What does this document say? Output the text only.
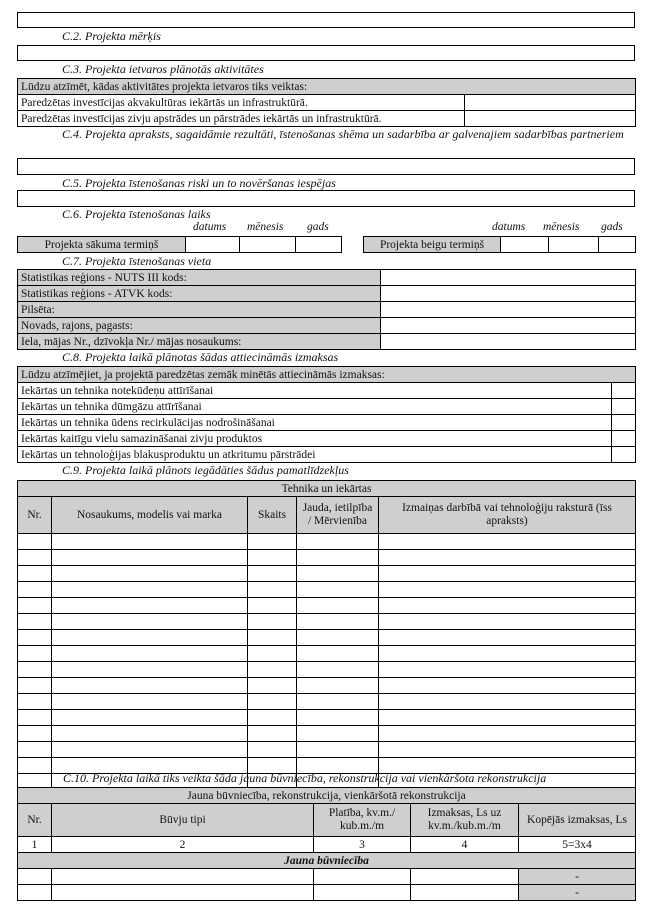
C.2. Projekta mērķis
C.3. Projekta ietvaros plānotās aktivitātes
Lūdzu atzīmēt, kādas aktivitātes projekta ietvaros tiks veiktas:	
Paredzētas investīcijas akvakultūras iekārtās un infrastruktūrā.	
Paredzētas investīcijas zivju apstrādes un pārstrādes iekārtās un infrastruktūrā.	
C.4. Projekta apraksts, sagaidāmie rezultāti, īstenošanas shēma un sadarbība ar galvenajiem sadarbības partneriem
C.5. Projekta īstenošanas riski un to novēršanas iespējas
C.6. Projekta īstenošanas laiks
datums mēnesis gads	datums mēnesis gads
Projekta sākuma termiņš					Projekta beigu termiņš			
C.7. Projekta īstenošanas vieta
Statistikas reģions - NUTS III kods:	
Statistikas reģions - ATVK kods:	
Pilsēta:	
Novads, rajons, pagasts:	
Iela, mājas Nr., dzīvokļa Nr./ mājas nosaukums:	
C.8. Projekta laikā plānotas šādas attiecināmās izmaksas
Lūdzu atzīmējiet, ja projektā paredzētas zemāk minētās attiecināmās izmaksas:	
Iekārtas un tehnika notekūdeņu attīrīšanai	
Iekārtas un tehnika dūmgāzu attīrīšanai	
Iekārtas un tehnika ūdens recirkulācijas nodrošināšanai	
Iekārtas kaitīgu vielu samazināšanai zivju produktos	
Iekārtas un tehnoloģijas blakusproduktu un atkritumu pārstrādei	
C.9. Projekta laikā plānots iegādāties šādus pamatlīdzekļus
Tehnika un iekārtas				
Nr.	Nosaukums, modelis vai marka	Skaits	Jauda, ietilpība / Mērvienība	Izmaiņas darbībā vai tehnoloģiju raksturā (īss apraksts)

C.10. Projekta laikā tiks veikta šāda jauna būvniecība, rekonstrukcija vai vienkāršota rekonstrukcija
Jauna būvniecība, rekonstrukcija, vienkāršotā rekonstrukcija				
Nr.	Būvju tipi	Platība, kv.m./ kub.m./m	Izmaksas, Ls uz kv.m./kub.m./m	Kopējās izmaksas, Ls
1	2	3	4	5=3x4
Jauna būvniecība				
				-
				-
